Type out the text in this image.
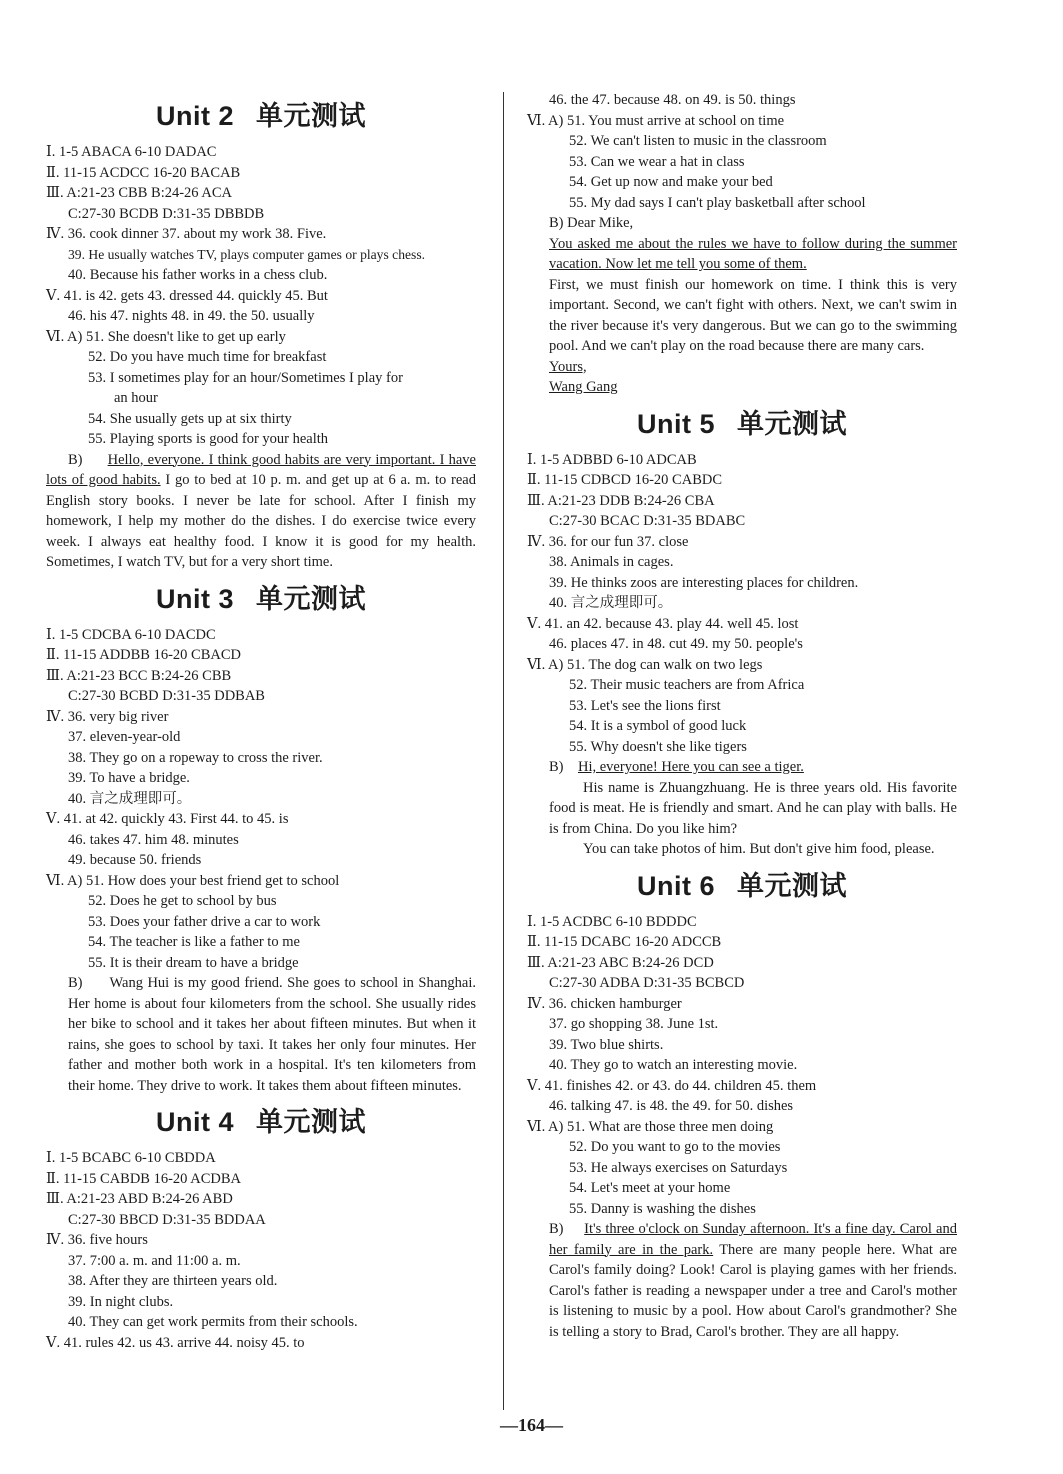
Unit 2 单元测试
Ⅰ. 1-5 ABACA 6-10 DADAC
Ⅱ. 11-15 ACDCC 16-20 BACAB
Ⅲ. A:21-23 CBB B:24-26 ACA
C:27-30 BCDB D:31-35 DBBDB
Ⅳ. 36. cook dinner 37. about my work 38. Five.
39. He usually watches TV, plays computer games or plays chess.
40. Because his father works in a chess club.
Ⅴ. 41. is 42. gets 43. dressed 44. quickly 45. But
46. his 47. nights 48. in 49. the 50. usually
Ⅵ. A) 51. She doesn't like to get up early
52. Do you have much time for breakfast
53. I sometimes play for an hour/Sometimes I play for
an hour
54. She usually gets up at six thirty
55. Playing sports is good for your health
B) Hello, everyone. I think good habits are very important. I have lots of good habits. I go to bed at 10 p. m. and get up at 6 a. m. to read English story books. I never be late for school. After I finish my homework, I help my mother do the dishes. I do exercise twice every week. I always eat healthy food. I know it is good for my health. Sometimes, I watch TV, but for a very short time.
Unit 3 单元测试
Ⅰ. 1-5 CDCBA 6-10 DACDC
Ⅱ. 11-15 ADDBB 16-20 CBACD
Ⅲ. A:21-23 BCC B:24-26 CBB
C:27-30 BCBD D:31-35 DDBAB
Ⅳ. 36. very big river
37. eleven-year-old
38. They go on a ropeway to cross the river.
39. To have a bridge.
40. 言之成理即可。
Ⅴ. 41. at 42. quickly 43. First 44. to 45. is
46. takes 47. him 48. minutes
49. because 50. friends
Ⅵ. A) 51. How does your best friend get to school
52. Does he get to school by bus
53. Does your father drive a car to work
54. The teacher is like a father to me
55. It is their dream to have a bridge
B) Wang Hui is my good friend. She goes to school in Shanghai. Her home is about four kilometers from the school. She usually rides her bike to school and it takes her about fifteen minutes. But when it rains, she goes to school by taxi. It takes her only four minutes. Her father and mother both work in a hospital. It's ten kilometers from their home. They drive to work. It takes them about fifteen minutes.
Unit 4 单元测试
Ⅰ. 1-5 BCABC 6-10 CBDDA
Ⅱ. 11-15 CABDB 16-20 ACDBA
Ⅲ. A:21-23 ABD B:24-26 ABD
C:27-30 BBCD D:31-35 BDDAA
Ⅳ. 36. five hours
37. 7:00 a. m. and 11:00 a. m.
38. After they are thirteen years old.
39. In night clubs.
40. They can get work permits from their schools.
Ⅴ. 41. rules 42. us 43. arrive 44. noisy 45. to
46. the 47. because 48. on 49. is 50. things
Ⅵ. A) 51. You must arrive at school on time
52. We can't listen to music in the classroom
53. Can we wear a hat in class
54. Get up now and make your bed
55. My dad says I can't play basketball after school
B) Dear Mike,
You asked me about the rules we have to follow during the summer vacation. Now let me tell you some of them.
First, we must finish our homework on time. I think this is very important. Second, we can't fight with others. Next, we can't swim in the river because it's very dangerous. But we can go to the swimming pool. And we can't play on the road because there are many cars.
Yours,
Wang Gang
Unit 5 单元测试
Ⅰ. 1-5 ADBBD 6-10 ADCAB
Ⅱ. 11-15 CDBCD 16-20 CABDC
Ⅲ. A:21-23 DDB B:24-26 CBA
C:27-30 BCAC D:31-35 BDABC
Ⅳ. 36. for our fun 37. close
38. Animals in cages.
39. He thinks zoos are interesting places for children.
40. 言之成理即可。
Ⅴ. 41. an 42. because 43. play 44. well 45. lost
46. places 47. in 48. cut 49. my 50. people's
Ⅵ. A) 51. The dog can walk on two legs
52. Their music teachers are from Africa
53. Let's see the lions first
54. It is a symbol of good luck
55. Why doesn't she like tigers
B) Hi, everyone! Here you can see a tiger.
His name is Zhuangzhuang. He is three years old. His favorite food is meat. He is friendly and smart. And he can play with balls. He is from China. Do you like him?
You can take photos of him. But don't give him food, please.
Unit 6 单元测试
Ⅰ. 1-5 ACDBC 6-10 BDDDC
Ⅱ. 11-15 DCABC 16-20 ADCCB
Ⅲ. A:21-23 ABC B:24-26 DCD
C:27-30 ADBA D:31-35 BCBCD
Ⅳ. 36. chicken hamburger
37. go shopping 38. June 1st.
39. Two blue shirts.
40. They go to watch an interesting movie.
Ⅴ. 41. finishes 42. or 43. do 44. children 45. them
46. talking 47. is 48. the 49. for 50. dishes
Ⅵ. A) 51. What are those three men doing
52. Do you want to go to the movies
53. He always exercises on Saturdays
54. Let's meet at your home
55. Danny is washing the dishes
B) It's three o'clock on Sunday afternoon. It's a fine day. Carol and her family are in the park. There are many people here. What are Carol's family doing? Look! Carol is playing games with her friends. Carol's father is reading a newspaper under a tree and Carol's mother is listening to music by a pool. How about Carol's grandmother? She is telling a story to Brad, Carol's brother. They are all happy.
—164—
